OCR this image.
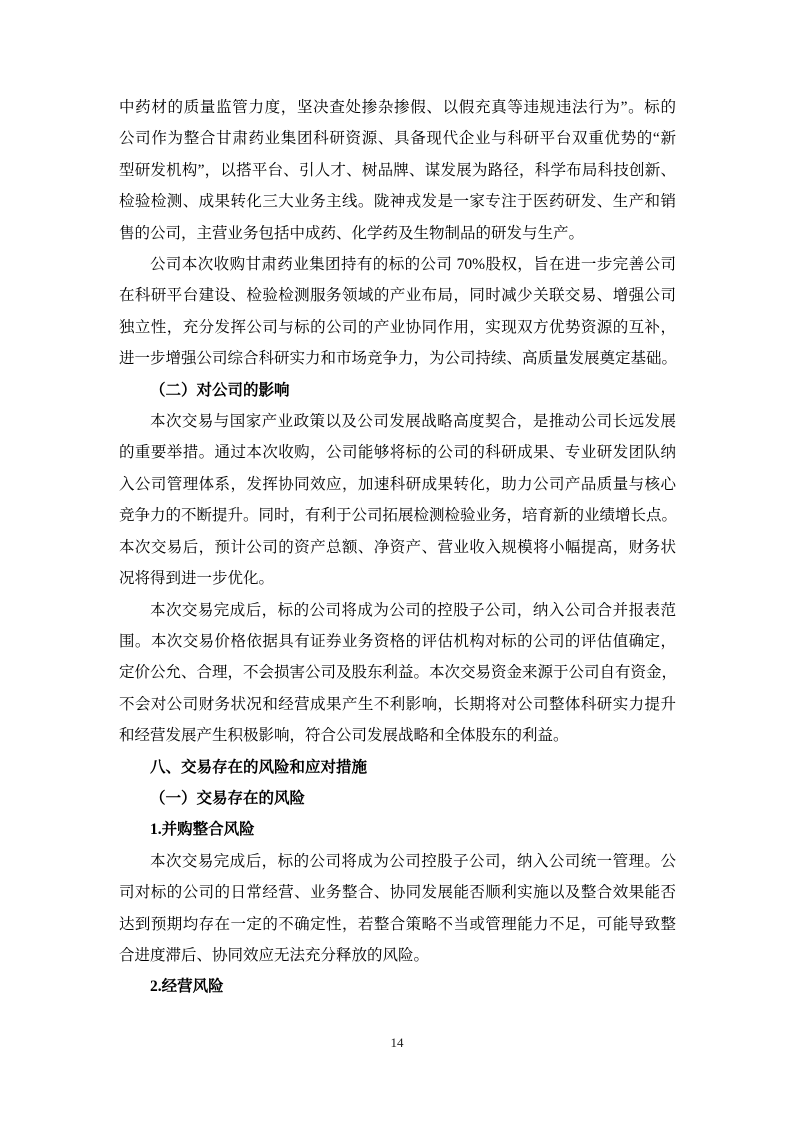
中药材的质量监管力度，坚决查处掺杂掺假、以假充真等违规违法行为”。标的
公司作为整合甘肃药业集团科研资源、具备现代企业与科研平台双重优势的“新
型研发机构”，以搭平台、引人才、树品牌、谋发展为路径，科学布局科技创新、
检验检测、成果转化三大业务主线。陇神戎发是一家专注于医药研发、生产和销
售的公司，主营业务包括中成药、化学药及生物制品的研发与生产。
公司本次收购甘肃药业集团持有的标的公司 70%股权，旨在进一步完善公司
在科研平台建设、检验检测服务领域的产业布局，同时减少关联交易、增强公司
独立性，充分发挥公司与标的公司的产业协同作用，实现双方优势资源的互补，
进一步增强公司综合科研实力和市场竞争力，为公司持续、高质量发展奠定基础。
（二）对公司的影响
本次交易与国家产业政策以及公司发展战略高度契合，是推动公司长远发展
的重要举措。通过本次收购，公司能够将标的公司的科研成果、专业研发团队纳
入公司管理体系，发挥协同效应，加速科研成果转化，助力公司产品质量与核心
竞争力的不断提升。同时，有利于公司拓展检测检验业务，培育新的业绩增长点。
本次交易后，预计公司的资产总额、净资产、营业收入规模将小幅提高，财务状
况将得到进一步优化。
本次交易完成后，标的公司将成为公司的控股子公司，纳入公司合并报表范
围。本次交易价格依据具有证券业务资格的评估机构对标的公司的评估值确定，
定价公允、合理，不会损害公司及股东利益。本次交易资金来源于公司自有资金，
不会对公司财务状况和经营成果产生不利影响，长期将对公司整体科研实力提升
和经营发展产生积极影响，符合公司发展战略和全体股东的利益。
八、交易存在的风险和应对措施
（一）交易存在的风险
1.并购整合风险
本次交易完成后，标的公司将成为公司控股子公司，纳入公司统一管理。公
司对标的公司的日常经营、业务整合、协同发展能否顺利实施以及整合效果能否
达到预期均存在一定的不确定性，若整合策略不当或管理能力不足，可能导致整
合进度滞后、协同效应无法充分释放的风险。
2.经营风险
14
